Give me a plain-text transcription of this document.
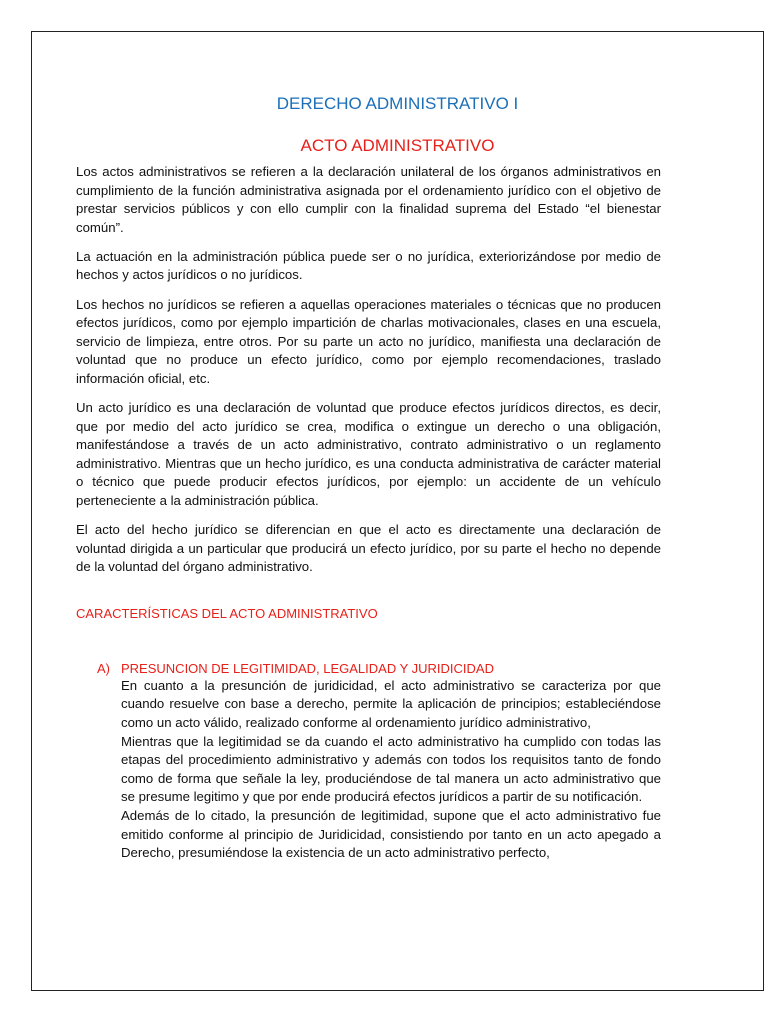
DERECHO ADMINISTRATIVO I
ACTO ADMINISTRATIVO

Los actos administrativos se refieren a la declaración unilateral de los órganos administrativos en cumplimiento de la función administrativa asignada por el ordenamiento jurídico con el objetivo de prestar servicios públicos y con ello cumplir con la finalidad suprema del Estado “el bienestar común”.

La actuación en la administración pública puede ser o no jurídica, exteriorizándose por medio de hechos y actos jurídicos o no jurídicos.

Los hechos no jurídicos se refieren a aquellas operaciones materiales o técnicas que no producen efectos jurídicos, como por ejemplo impartición de charlas motivacionales, clases en una escuela, servicio de limpieza, entre otros. Por su parte un acto no jurídico, manifiesta una declaración de voluntad que no produce un efecto jurídico, como por ejemplo recomendaciones, traslado información oficial, etc.

Un acto jurídico es una declaración de voluntad que produce efectos jurídicos directos, es decir, que por medio del acto jurídico se crea, modifica o extingue un derecho o una obligación, manifestándose a través de un acto administrativo, contrato administrativo o un reglamento administrativo. Mientras que un hecho jurídico, es una conducta administrativa de carácter material o técnico que puede producir efectos jurídicos, por ejemplo: un accidente de un vehículo perteneciente a la administración pública.

El acto del hecho jurídico se diferencian en que el acto es directamente una declaración de voluntad dirigida a un particular que producirá un efecto jurídico, por su parte el hecho no depende de la voluntad del órgano administrativo.

CARACTERÍSTICAS DEL ACTO ADMINISTRATIVO
A) PRESUNCION DE LEGITIMIDAD, LEGALIDAD Y JURIDICIDAD
En cuanto a la presunción de juridicidad, el acto administrativo se caracteriza por que cuando resuelve con base a derecho, permite la aplicación de principios; estableciéndose como un acto válido, realizado conforme al ordenamiento jurídico administrativo,
Mientras que la legitimidad se da cuando el acto administrativo ha cumplido con todas las etapas del procedimiento administrativo y además con todos los requisitos tanto de fondo como de forma que señale la ley, produciéndose de tal manera un acto administrativo que se presume legitimo y que por ende producirá efectos jurídicos a partir de su notificación.
Además de lo citado, la presunción de legitimidad, supone que el acto administrativo fue emitido conforme al principio de Juridicidad, consistiendo por tanto en un acto apegado a Derecho, presumiéndose la existencia de un acto administrativo perfecto,
